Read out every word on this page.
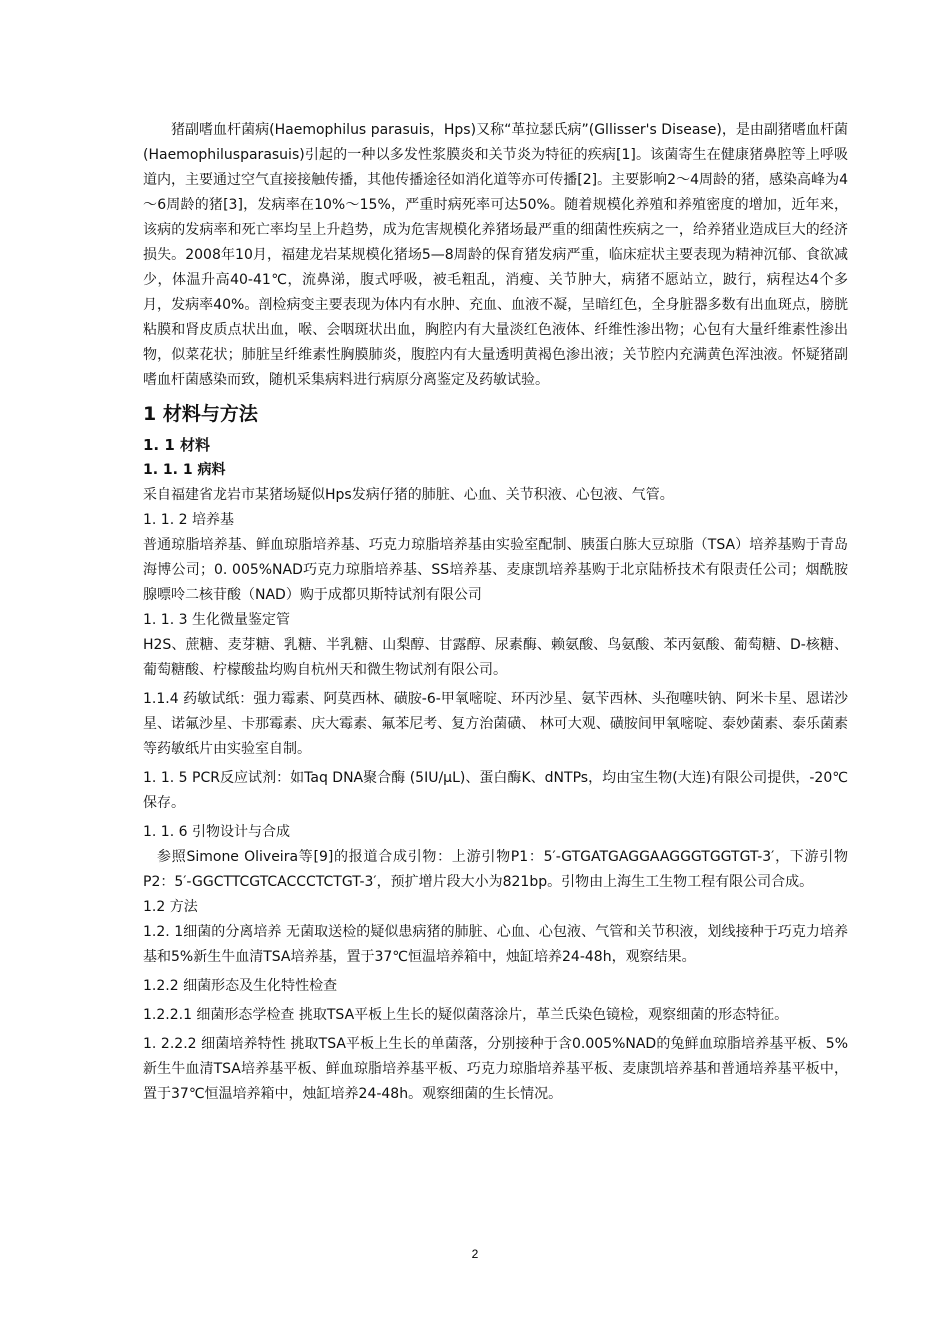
猪副嗜血杆菌病(Haemophilus parasuis，Hps)又称“革拉瑟氏病”(Gllisser's Disease)，是由副猪嗜血杆菌(Haemophilusparasuis)引起的一种以多发性浆膜炎和关节炎为特征的疾病[1]。该菌寄生在健康猪鼻腔等上呼吸道内，主要通过空气直接接触传播，其他传播途径如消化道等亦可传播[2]。主要影响2～4周龄的猪，感染高峰为4～6周龄的猪[3]，发病率在10%～15%，严重时病死率可达50%。随着规模化养殖和养殖密度的增加，近年来，该病的发病率和死亡率均呈上升趋势，成为危害规模化养猪场最严重的细菌性疾病之一，给养猪业造成巨大的经济损失。2008年10月，福建龙岩某规模化猪场5—8周龄的保育猪发病严重，临床症状主要表现为精神沉郁、食欲减少，体温升高40-41℃，流鼻涕，腹式呼吸，被毛粗乱，消瘦、关节肿大，病猪不愿站立，跛行，病程达4个多月，发病率40%。剖检病变主要表现为体内有水肿、充血、血液不凝，呈暗红色，全身脏器多数有出血斑点，膀胱粘膜和肾皮质点状出血，喉、会咽斑状出血，胸腔内有大量淡红色液体、纤维性渗出物；心包有大量纤维素性渗出物，似菜花状；肺脏呈纤维素性胸膜肺炎，腹腔内有大量透明黄褐色渗出液；关节腔内充满黄色浑浊液。怀疑猪副嗜血杆菌感染而致，随机采集病料进行病原分离鉴定及药敏试验。

1 材料与方法
1. 1 材料
1. 1. 1 病料

采自福建省龙岩市某猪场疑似Hps发病仔猪的肺脏、心血、关节积液、心包液、气管。

1. 1. 2 培养基

普通琼脂培养基、鲜血琼脂培养基、巧克力琼脂培养基由实验室配制、胰蛋白胨大豆琼脂（TSA）培养基购于青岛海博公司；0. 005%NAD巧克力琼脂培养基、SS培养基、麦康凯培养基购于北京陆桥技术有限责任公司；烟酰胺腺嘌呤二核苷酸（NAD）购于成都贝斯特试剂有限公司

1. 1. 3 生化微量鉴定管

H2S、蔗糖、麦芽糖、乳糖、半乳糖、山梨醇、甘露醇、尿素酶、赖氨酸、鸟氨酸、苯丙氨酸、葡萄糖、D-核糖、葡萄糖酸、柠檬酸盐均购自杭州天和微生物试剂有限公司。

1.1.4 药敏试纸：强力霉素、阿莫西林、磺胺-6-甲氧嘧啶、环丙沙星、氨苄西林、头孢噻呋钠、阿米卡星、恩诺沙星、诺氟沙星、卡那霉素、庆大霉素、氟苯尼考、复方治菌磺、 林可大观、磺胺间甲氧嘧啶、泰妙菌素、泰乐菌素等药敏纸片由实验室自制。

1. 1. 5 PCR反应试剂：如Taq DNA聚合酶 (5IU/μL)、蛋白酶K、dNTPs，均由宝生物(大连)有限公司提供，-20℃保存。

1. 1. 6 引物设计与合成

参照Simone Oliveira等[9]的报道合成引物：上游引物P1：5′-GTGATGAGGAAGGGTGGTGT-3′，下游引物P2：5′-GGCTTCGTCACCCTCTGT-3′，预扩增片段大小为821bp。引物由上海生工生物工程有限公司合成。

1.2 方法

1.2. 1细菌的分离培养 无菌取送检的疑似患病猪的肺脏、心血、心包液、气管和关节积液，划线接种于巧克力培养基和5%新生牛血清TSA培养基，置于37℃恒温培养箱中，烛缸培养24-48h，观察结果。

1.2.2 细菌形态及生化特性检查

1.2.2.1 细菌形态学检查 挑取TSA平板上生长的疑似菌落涂片，革兰氏染色镜检，观察细菌的形态特征。

1. 2.2.2 细菌培养特性 挑取TSA平板上生长的单菌落，分别接种于含0.005%NAD的兔鲜血琼脂培养基平板、5%新生牛血清TSA培养基平板、鲜血琼脂培养基平板、巧克力琼脂培养基平板、麦康凯培养基和普通培养基平板中，置于37℃恒温培养箱中，烛缸培养24-48h。观察细菌的生长情况。

2
